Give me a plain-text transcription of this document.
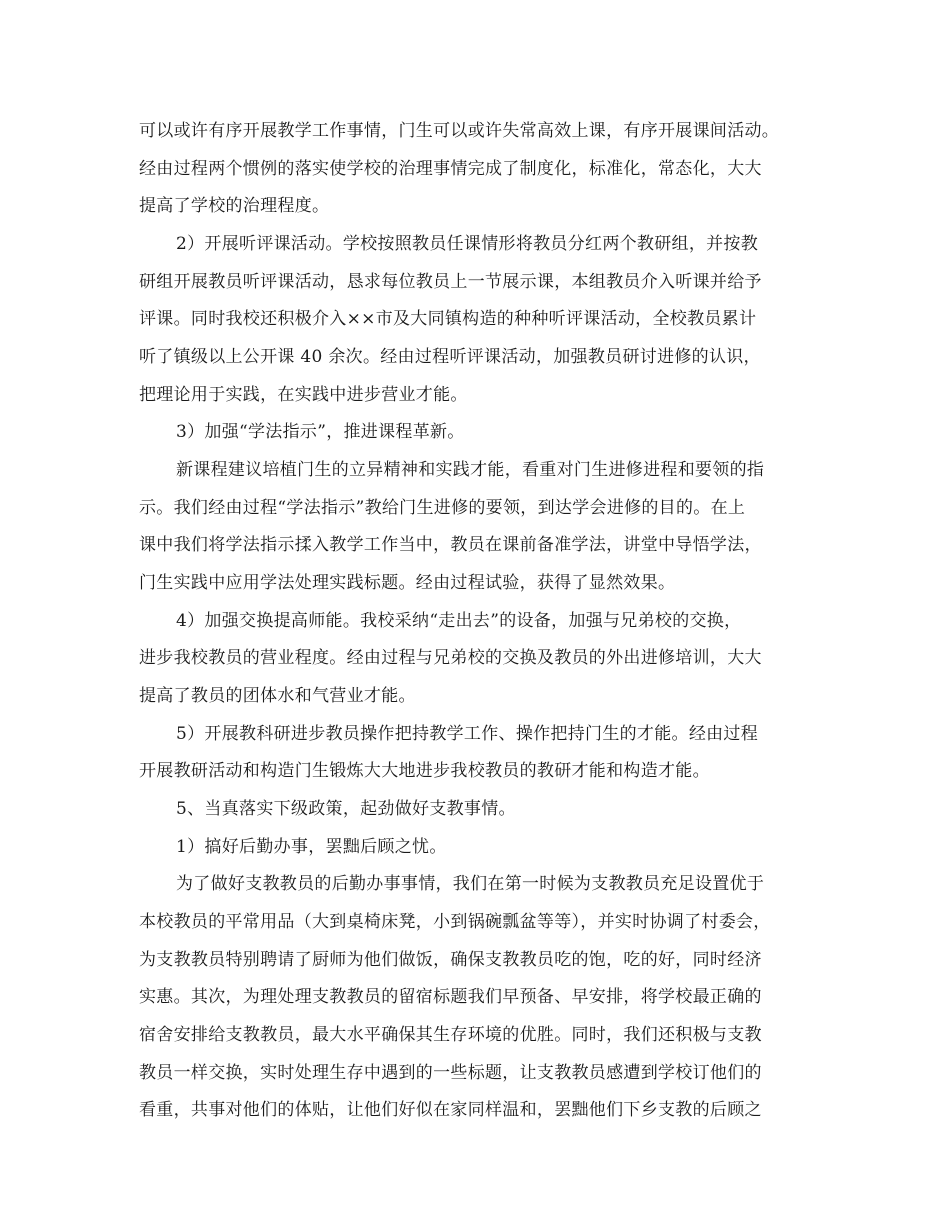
可以或许有序开展教学工作事情，门生可以或许失常高效上课，有序开展课间活动。
经由过程两个惯例的落实使学校的治理事情完成了制度化，标准化，常态化，大大
提高了学校的治理程度。
2）开展听评课活动。学校按照教员任课情形将教员分红两个教研组，并按教
研组开展教员听评课活动，恳求每位教员上一节展示课，本组教员介入听课并给予
评课。同时我校还积极介入××市及大同镇构造的种种听评课活动，全校教员累计
听了镇级以上公开课 40 余次。经由过程听评课活动，加强教员研讨进修的认识，
把理论用于实践，在实践中进步营业才能。
3）加强“学法指示”，推进课程革新。
新课程建议培植门生的立异精神和实践才能，看重对门生进修进程和要领的指
示。我们经由过程“学法指示”教给门生进修的要领，到达学会进修的目的。在上
课中我们将学法指示揉入教学工作当中，教员在课前备准学法，讲堂中导悟学法，
门生实践中应用学法处理实践标题。经由过程试验，获得了显然效果。
4）加强交换提高师能。我校采纳“走出去”的设备，加强与兄弟校的交换，
进步我校教员的营业程度。经由过程与兄弟校的交换及教员的外出进修培训，大大
提高了教员的团体水和气营业才能。
5）开展教科研进步教员操作把持教学工作、操作把持门生的才能。经由过程
开展教研活动和构造门生锻炼大大地进步我校教员的教研才能和构造才能。
5、当真落实下级政策，起劲做好支教事情。
1）搞好后勤办事，罢黜后顾之忧。
为了做好支教教员的后勤办事事情，我们在第一时候为支教教员充足设置优于
本校教员的平常用品（大到桌椅床凳，小到锅碗瓢盆等等），并实时协调了村委会，
为支教教员特别聘请了厨师为他们做饭，确保支教教员吃的饱，吃的好，同时经济
实惠。其次，为理处理支教教员的留宿标题我们早预备、早安排，将学校最正确的
宿舍安排给支教教员，最大水平确保其生存环境的优胜。同时，我们还积极与支教
教员一样交换，实时处理生存中遇到的一些标题，让支教教员感遭到学校订他们的
看重，共事对他们的体贴，让他们好似在家同样温和，罢黜他们下乡支教的后顾之
